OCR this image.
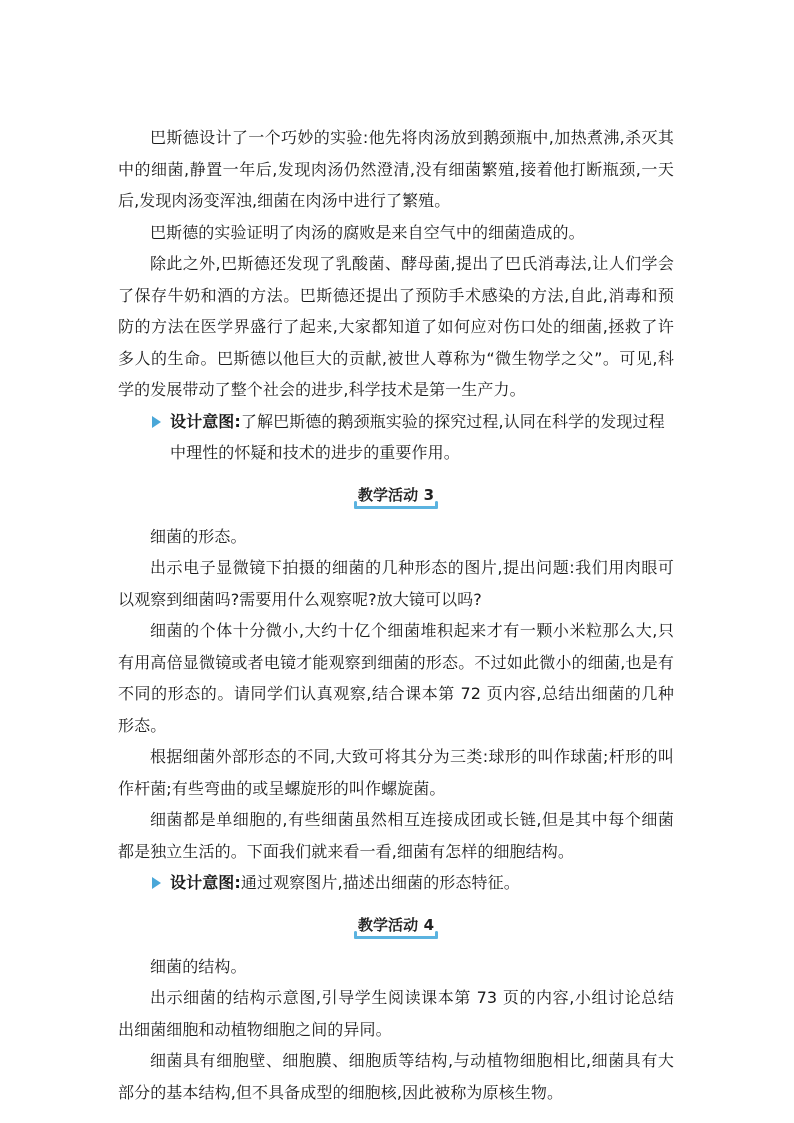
巴斯德设计了一个巧妙的实验:他先将肉汤放到鹅颈瓶中,加热煮沸,杀灭其中的细菌,静置一年后,发现肉汤仍然澄清,没有细菌繁殖,接着他打断瓶颈,一天后,发现肉汤变浑浊,细菌在肉汤中进行了繁殖。

巴斯德的实验证明了肉汤的腐败是来自空气中的细菌造成的。

除此之外,巴斯德还发现了乳酸菌、酵母菌,提出了巴氏消毒法,让人们学会了保存牛奶和酒的方法。巴斯德还提出了预防手术感染的方法,自此,消毒和预防的方法在医学界盛行了起来,大家都知道了如何应对伤口处的细菌,拯救了许多人的生命。巴斯德以他巨大的贡献,被世人尊称为“微生物学之父”。可见,科学的发展带动了整个社会的进步,科学技术是第一生产力。

设计意图:了解巴斯德的鹅颈瓶实验的探究过程,认同在科学的发现过程中理性的怀疑和技术的进步的重要作用。
教学活动 3

细菌的形态。

出示电子显微镜下拍摄的细菌的几种形态的图片,提出问题:我们用肉眼可以观察到细菌吗?需要用什么观察呢?放大镜可以吗?

细菌的个体十分微小,大约十亿个细菌堆积起来才有一颗小米粒那么大,只有用高倍显微镜或者电镜才能观察到细菌的形态。不过如此微小的细菌,也是有不同的形态的。请同学们认真观察,结合课本第 72 页内容,总结出细菌的几种形态。

根据细菌外部形态的不同,大致可将其分为三类:球形的叫作球菌;杆形的叫作杆菌;有些弯曲的或呈螺旋形的叫作螺旋菌。

细菌都是单细胞的,有些细菌虽然相互连接成团或长链,但是其中每个细菌都是独立生活的。下面我们就来看一看,细菌有怎样的细胞结构。

设计意图:通过观察图片,描述出细菌的形态特征。
教学活动 4

细菌的结构。

出示细菌的结构示意图,引导学生阅读课本第 73 页的内容,小组讨论总结出细菌细胞和动植物细胞之间的异同。

细菌具有细胞壁、细胞膜、细胞质等结构,与动植物细胞相比,细菌具有大部分的基本结构,但不具备成型的细胞核,因此被称为原核生物。
